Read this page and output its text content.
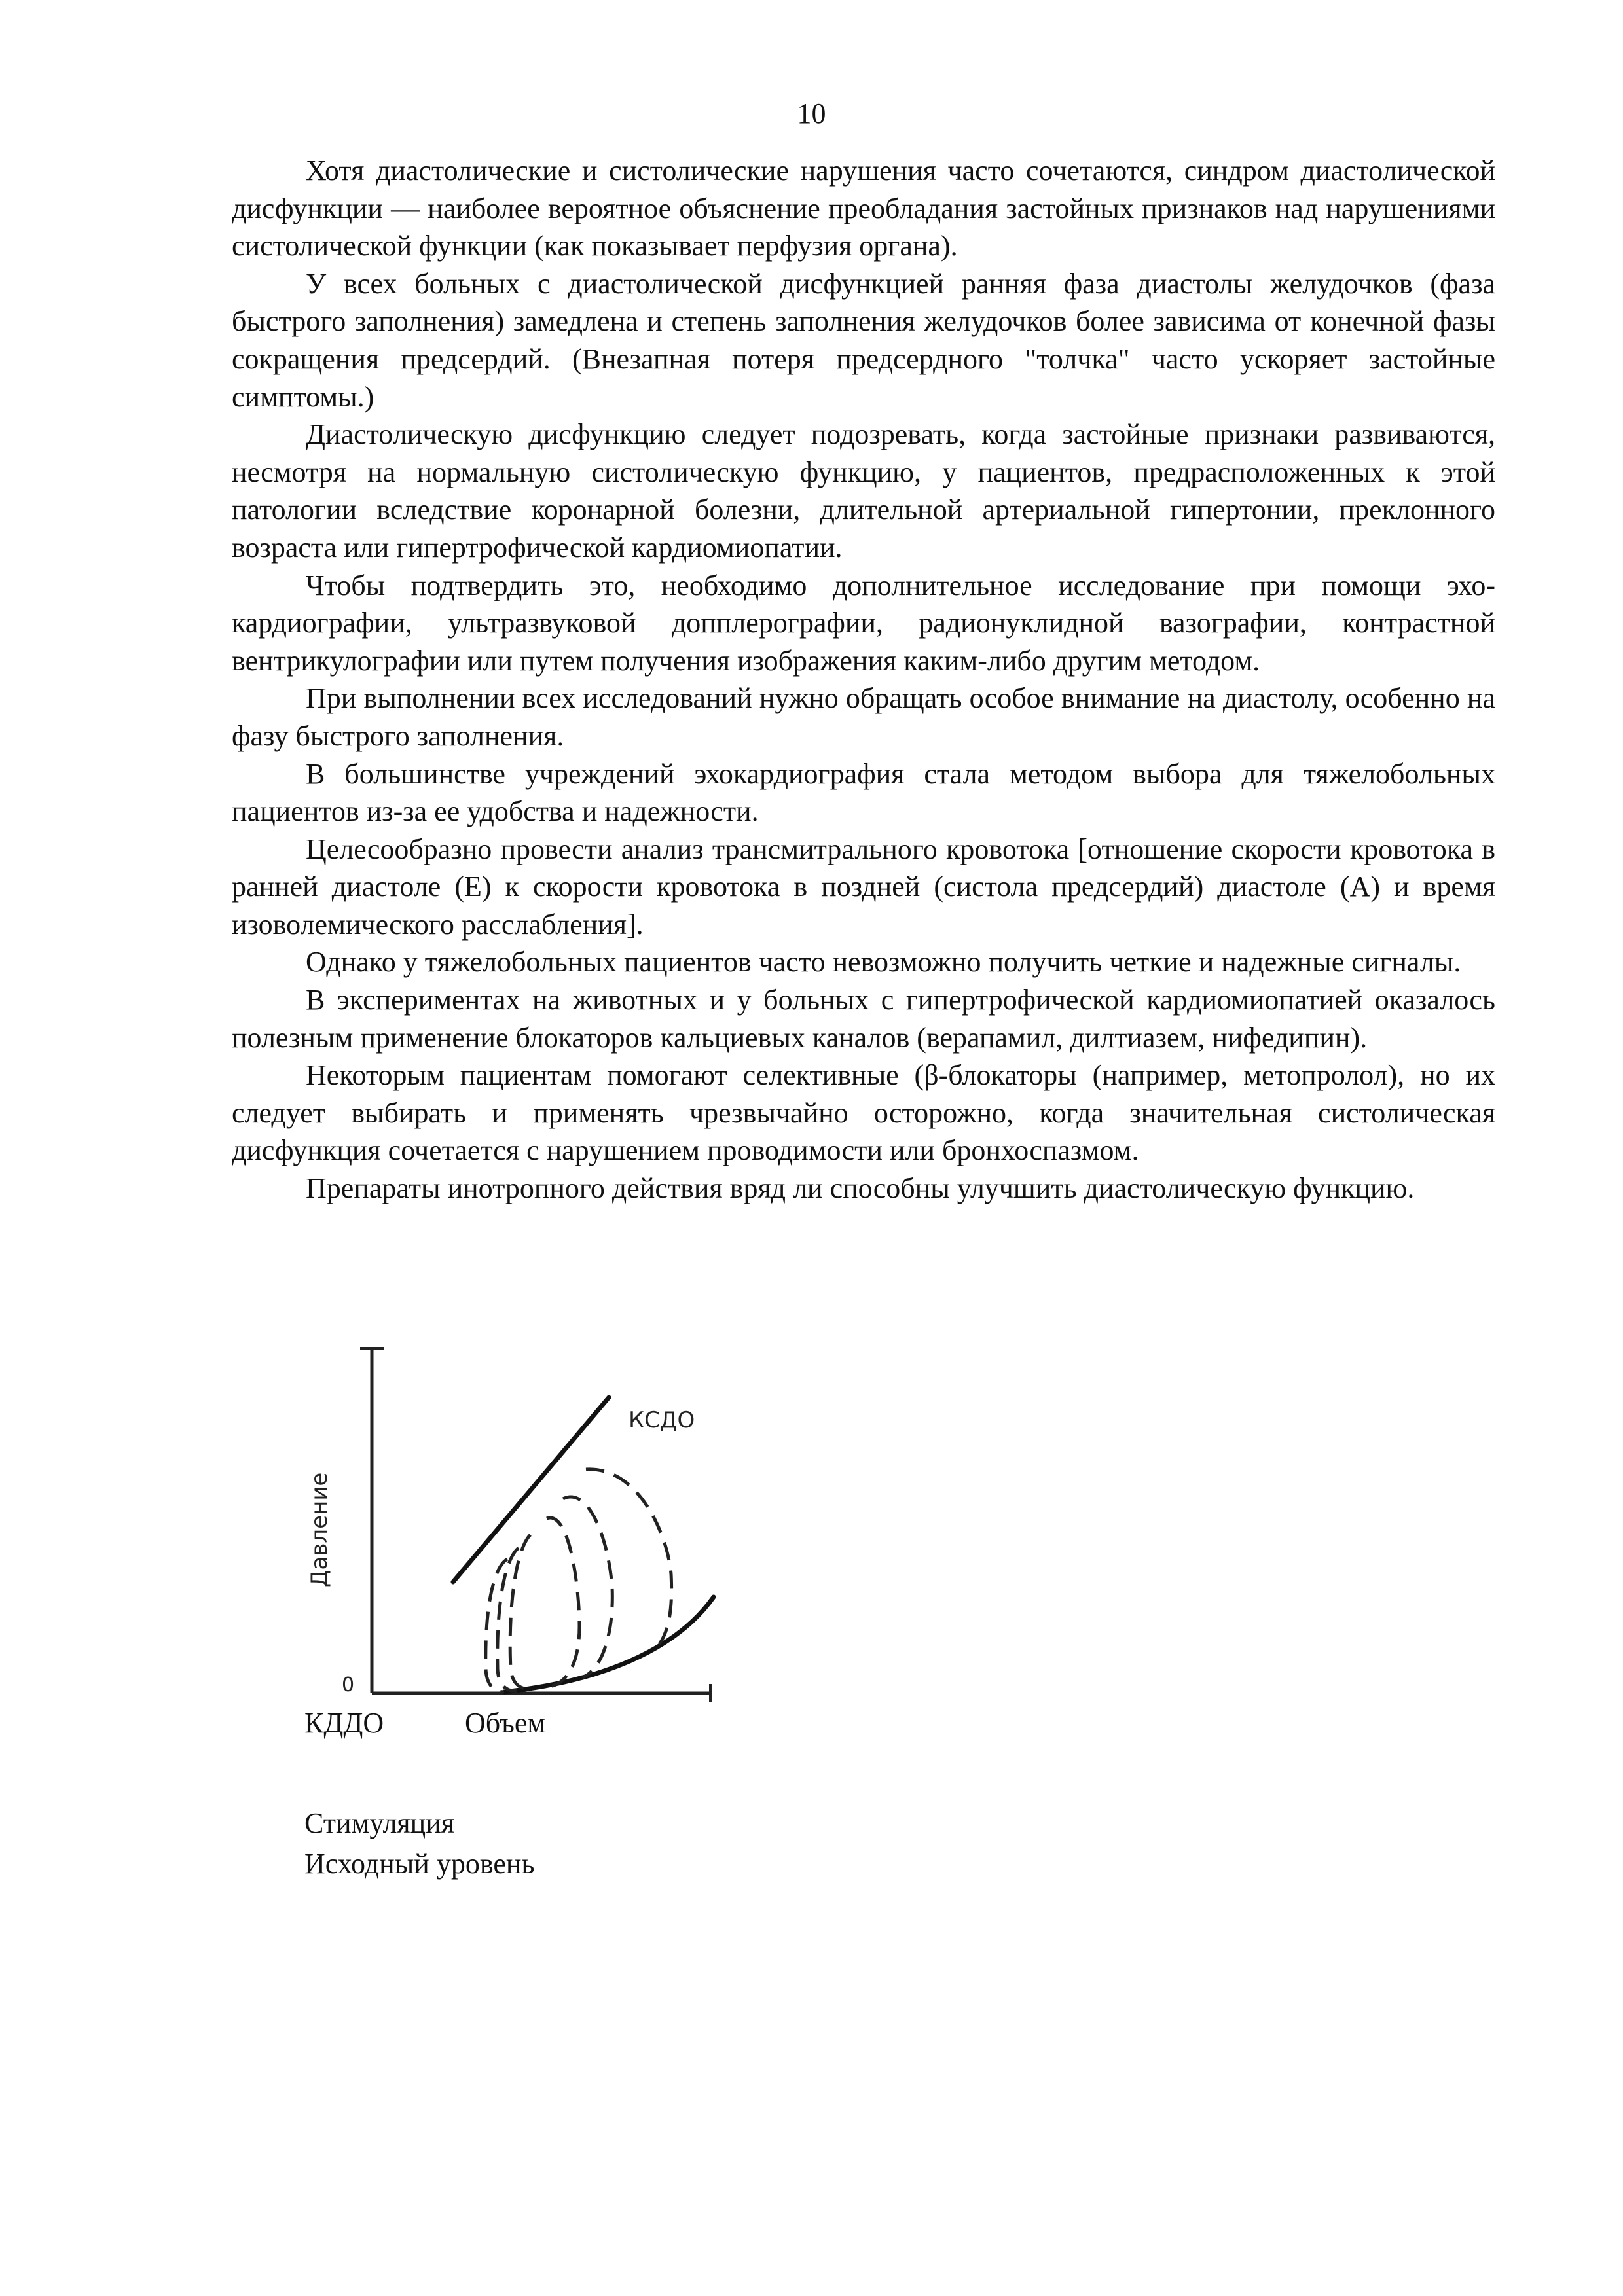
10

Хотя диастолические и систолические нарушения часто сочетаются, синдром диастолической дисфункции — наиболее вероятное объяснение преобладания застойных признаков над нарушениями систолической функции (как показывает перфузия органа).

У всех больных с диастолической дисфункцией ранняя фаза диастолы желудочков (фаза быстрого заполнения) замедлена и степень заполнения желудочков более зависима от конечной фазы сокращения предсердий. (Внезапная потеря предсердного "толчка" часто ускоряет застойные симптомы.)

Диастолическую дисфункцию следует подозревать, когда застойные признаки развиваются, несмотря на нормальную систолическую функцию, у пациентов, предрасположенных к этой патологии вследствие коронарной болезни, длительной артериальной гипертонии, преклонного возраста или гипертрофической кардиомиопатии.

Чтобы подтвердить это, необходимо дополнительное исследование при помощи эхокардиографии, ультразвуковой допплерографии, радионуклидной вазографии, контрастной вентрикулографии или путем получения изображения каким-либо другим методом.

При выполнении всех исследований нужно обращать особое внимание на диастолу, особенно на фазу быстрого заполнения.

В большинстве учреждений эхокардиография стала методом выбора для тяжелобольных пациентов из-за ее удобства и надежности.

Целесообразно провести анализ трансмитрального кровотока [отношение скорости кровотока в ранней диастоле (Е) к скорости кровотока в поздней (систола предсердий) диастоле (А) и время изоволемического расслабления].

Однако у тяжелобольных пациентов часто невозможно получить четкие и надежные сигналы.

В экспериментах на животных и у больных с гипертрофической кардиомиопатией оказалось полезным применение блокаторов кальциевых каналов (верапамил, дилтиазем, нифедипин).

Некоторым пациентам помогают селективные (β-блокаторы (например, метопролол), но их следует выбирать и применять чрезвычайно осторожно, когда значительная систолическая дисфункция сочетается с нарушением проводимости или бронхоспазмом.

Препараты инотропного действия вряд ли способны улучшить диастолическую функцию.

Давление
КСДО
0
КДДО	Объем
Стимуляция
Исходный уровень
